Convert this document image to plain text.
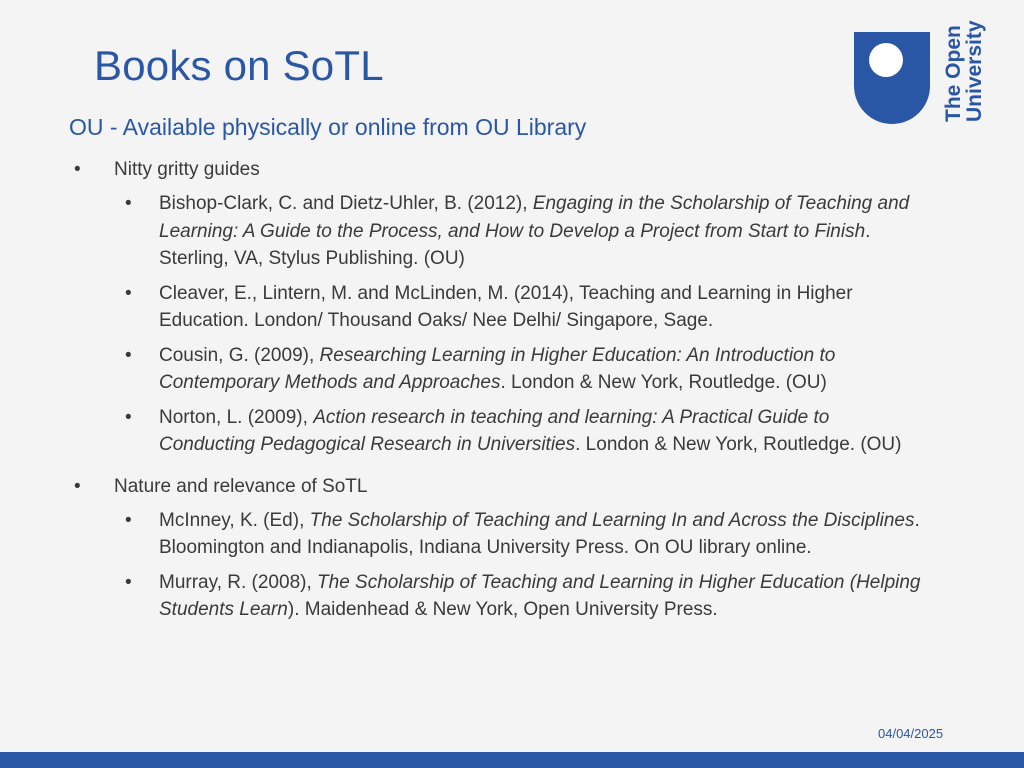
Books on SoTL
OU - Available physically or online from OU Library
The Open
University
• Nitty gritty guides
• Bishop-Clark, C. and Dietz-Uhler, B. (2012), Engaging in the Scholarship of Teaching and Learning: A Guide to the Process, and How to Develop a Project from Start to Finish. Sterling, VA, Stylus Publishing. (OU)
• Cleaver, E., Lintern, M. and McLinden, M. (2014), Teaching and Learning in Higher Education. London/ Thousand Oaks/ Nee Delhi/ Singapore, Sage.
• Cousin, G. (2009), Researching Learning in Higher Education: An Introduction to Contemporary Methods and Approaches. London & New York, Routledge. (OU)
• Norton, L. (2009), Action research in teaching and learning: A Practical Guide to Conducting Pedagogical Research in Universities. London & New York, Routledge. (OU)
• Nature and relevance of SoTL
• McInney, K. (Ed), The Scholarship of Teaching and Learning In and Across the Disciplines. Bloomington and Indianapolis, Indiana University Press. On OU library online.
• Murray, R. (2008), The Scholarship of Teaching and Learning in Higher Education (Helping Students Learn). Maidenhead & New York, Open University Press.
04/04/2025
